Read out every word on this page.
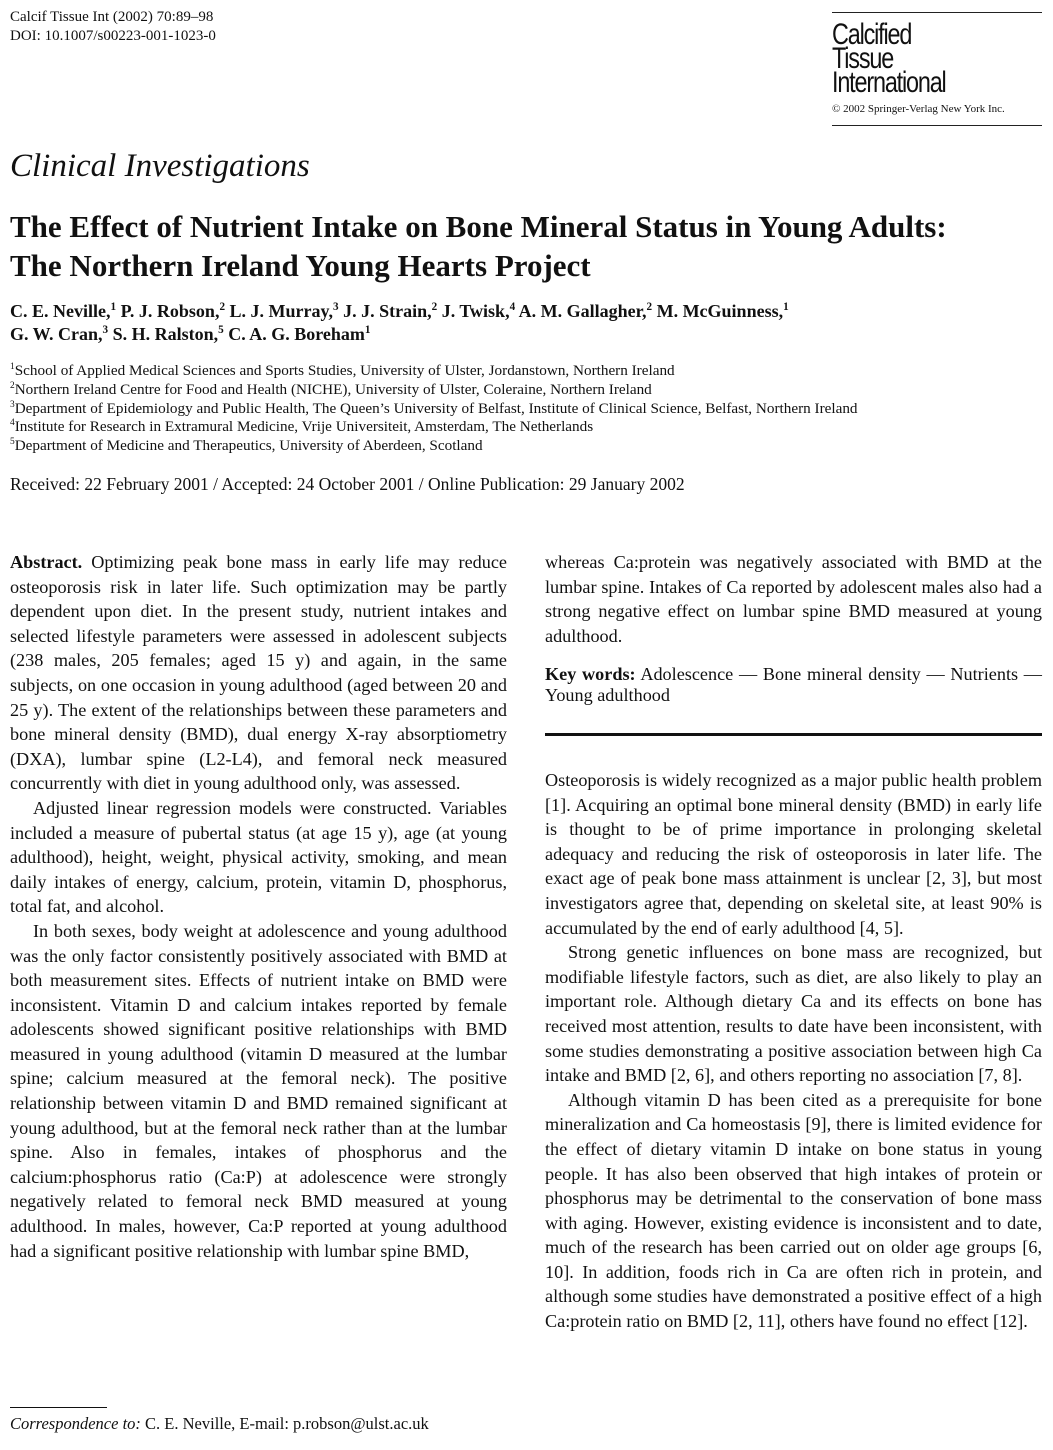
Calcif Tissue Int (2002) 70:89–98
DOI: 10.1007/s00223-001-1023-0	Calcified
Tissue
International
© 2002 Springer-Verlag New York Inc.
Clinical Investigations
The Effect of Nutrient Intake on Bone Mineral Status in Young Adults:
The Northern Ireland Young Hearts Project
C. E. Neville,$^1$ P. J. Robson,$^2$ L. J. Murray,$^3$ J. J. Strain,$^2$ J. Twisk,$^4$ A. M. Gallagher,$^2$ M. McGuinness,$^1$
G. W. Cran,$^3$ S. H. Ralston,$^5$ C. A. G. Boreham$^1$
$^1$School of Applied Medical Sciences and Sports Studies, University of Ulster, Jordanstown, Northern Ireland
$^2$Northern Ireland Centre for Food and Health (NICHE), University of Ulster, Coleraine, Northern Ireland
$^3$Department of Epidemiology and Public Health, The Queen’s University of Belfast, Institute of Clinical Science, Belfast, Northern Ireland
$^4$Institute for Research in Extramural Medicine, Vrije Universiteit, Amsterdam, The Netherlands
$^5$Department of Medicine and Therapeutics, University of Aberdeen, Scotland
Received: 22 February 2001 / Accepted: 24 October 2001 / Online Publication: 29 January 2002

Abstract. Optimizing peak bone mass in early life may reduce osteoporosis risk in later life. Such optimization may be partly dependent upon diet. In the present study, nutrient intakes and selected lifestyle parameters were assessed in adolescent subjects (238 males, 205 females; aged 15 y) and again, in the same subjects, on one occasion in young adulthood (aged between 20 and 25 y). The extent of the relationships between these parameters and bone mineral density (BMD), dual energy X-ray absorptiometry (DXA), lumbar spine (L2-L4), and femoral neck measured concurrently with diet in young adulthood only, was assessed.

Adjusted linear regression models were constructed. Variables included a measure of pubertal status (at age 15 y), age (at young adulthood), height, weight, physical activity, smoking, and mean daily intakes of energy, calcium, protein, vitamin D, phosphorus, total fat, and alcohol.

In both sexes, body weight at adolescence and young adulthood was the only factor consistently positively associated with BMD at both measurement sites. Effects of nutrient intake on BMD were inconsistent. Vitamin D and calcium intakes reported by female adolescents showed significant positive relationships with BMD measured in young adulthood (vitamin D measured at the lumbar spine; calcium measured at the femoral neck). The positive relationship between vitamin D and BMD remained significant at young adulthood, but at the femoral neck rather than at the lumbar spine. Also in females, intakes of phosphorus and the calcium:phosphorus ratio (Ca:P) at adolescence were strongly negatively related to femoral neck BMD measured at young adulthood. In males, however, Ca:P reported at young adulthood had a significant positive relationship with lumbar spine BMD,

whereas Ca:protein was negatively associated with BMD at the lumbar spine. Intakes of Ca reported by adolescent males also had a strong negative effect on lumbar spine BMD measured at young adulthood.

Key words: Adolescence — Bone mineral density — Nutrients — Young adulthood

Osteoporosis is widely recognized as a major public health problem [1]. Acquiring an optimal bone mineral density (BMD) in early life is thought to be of prime importance in prolonging skeletal adequacy and reducing the risk of osteoporosis in later life. The exact age of peak bone mass attainment is unclear [2, 3], but most investigators agree that, depending on skeletal site, at least 90% is accumulated by the end of early adulthood [4, 5].

Strong genetic influences on bone mass are recognized, but modifiable lifestyle factors, such as diet, are also likely to play an important role. Although dietary Ca and its effects on bone has received most attention, results to date have been inconsistent, with some studies demonstrating a positive association between high Ca intake and BMD [2, 6], and others reporting no association [7, 8].

Although vitamin D has been cited as a prerequisite for bone mineralization and Ca homeostasis [9], there is limited evidence for the effect of dietary vitamin D intake on bone status in young people. It has also been observed that high intakes of protein or phosphorus may be detrimental to the conservation of bone mass with aging. However, existing evidence is inconsistent and to date, much of the research has been carried out on older age groups [6, 10]. In addition, foods rich in Ca are often rich in protein, and although some studies have demonstrated a positive effect of a high Ca:protein ratio on BMD [2, 11], others have found no effect [12].

Correspondence to: C. E. Neville, E-mail: p.robson@ulst.ac.uk
